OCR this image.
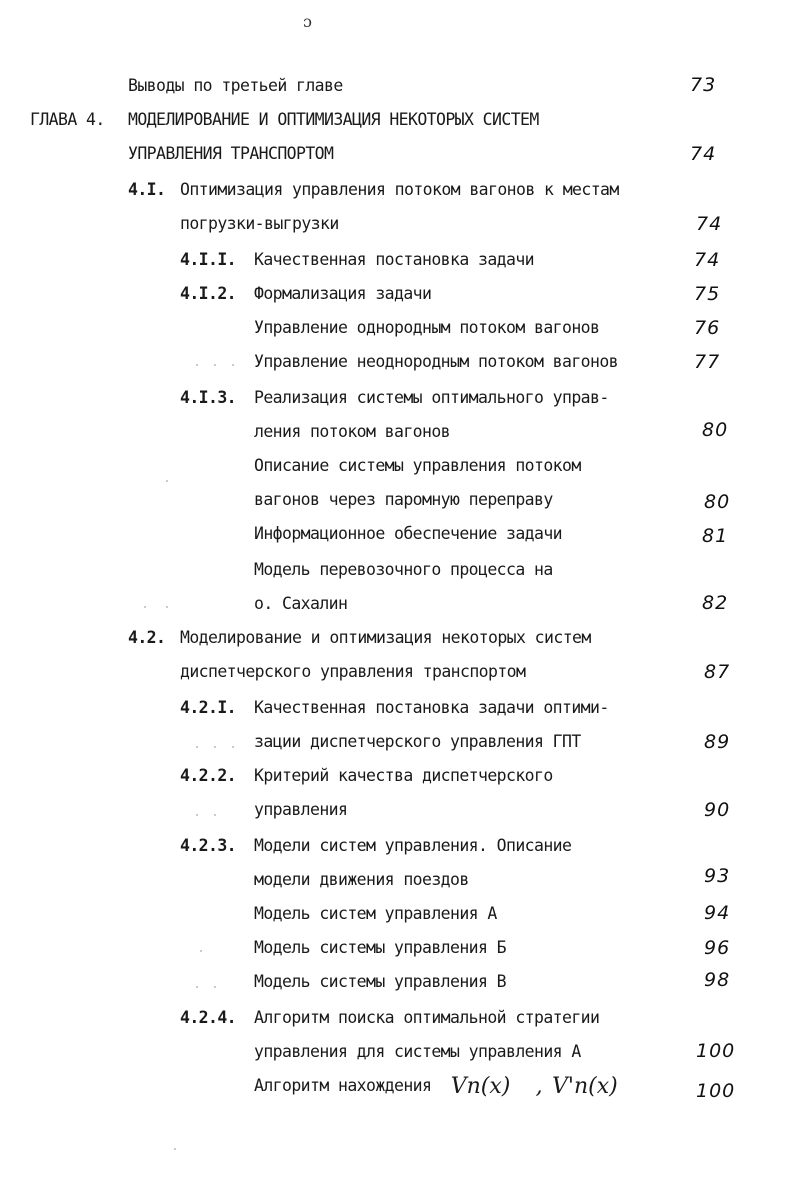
ɔ
Выводы по третьей главе	73
ГЛАВА 4. МОДЕЛИРОВАНИЕ И ОПТИМИЗАЦИЯ НЕКОТОРЫХ СИСТЕМ
УПРАВЛЕНИЯ ТРАНСПОРТОМ	74
4.I. Оптимизация управления потоком вагонов к местам
погрузки-выгрузки	74
4.I.I. Качественная постановка задачи	74
4.I.2. Формализация задачи	75
Управление однородным потоком вагонов	76
Управление неоднородным потоком вагонов	77
4.I.3. Реализация системы оптимального управ-
ления потоком вагонов	80
Описание системы управления потоком
вагонов через паромную переправу	80
Информационное обеспечение задачи	81
Модель перевозочного процесса на
о. Сахалин	82
4.2. Моделирование и оптимизация некоторых систем
диспетчерского управления транспортом	87
4.2.I. Качественная постановка задачи оптими-
зации диспетчерского управления ГПТ	89
4.2.2. Критерий качества диспетчерского
управления	90
4.2.3. Модели систем управления. Описание
модели движения поездов	93
Модель систем управления А	94
Модель системы управления Б	96
Модель системы управления В	98
4.2.4. Алгоритм поиска оптимальной стратегии
управления для системы управления А	100
Алгоритм нахождения Vn(x) , V'n(x)	100
